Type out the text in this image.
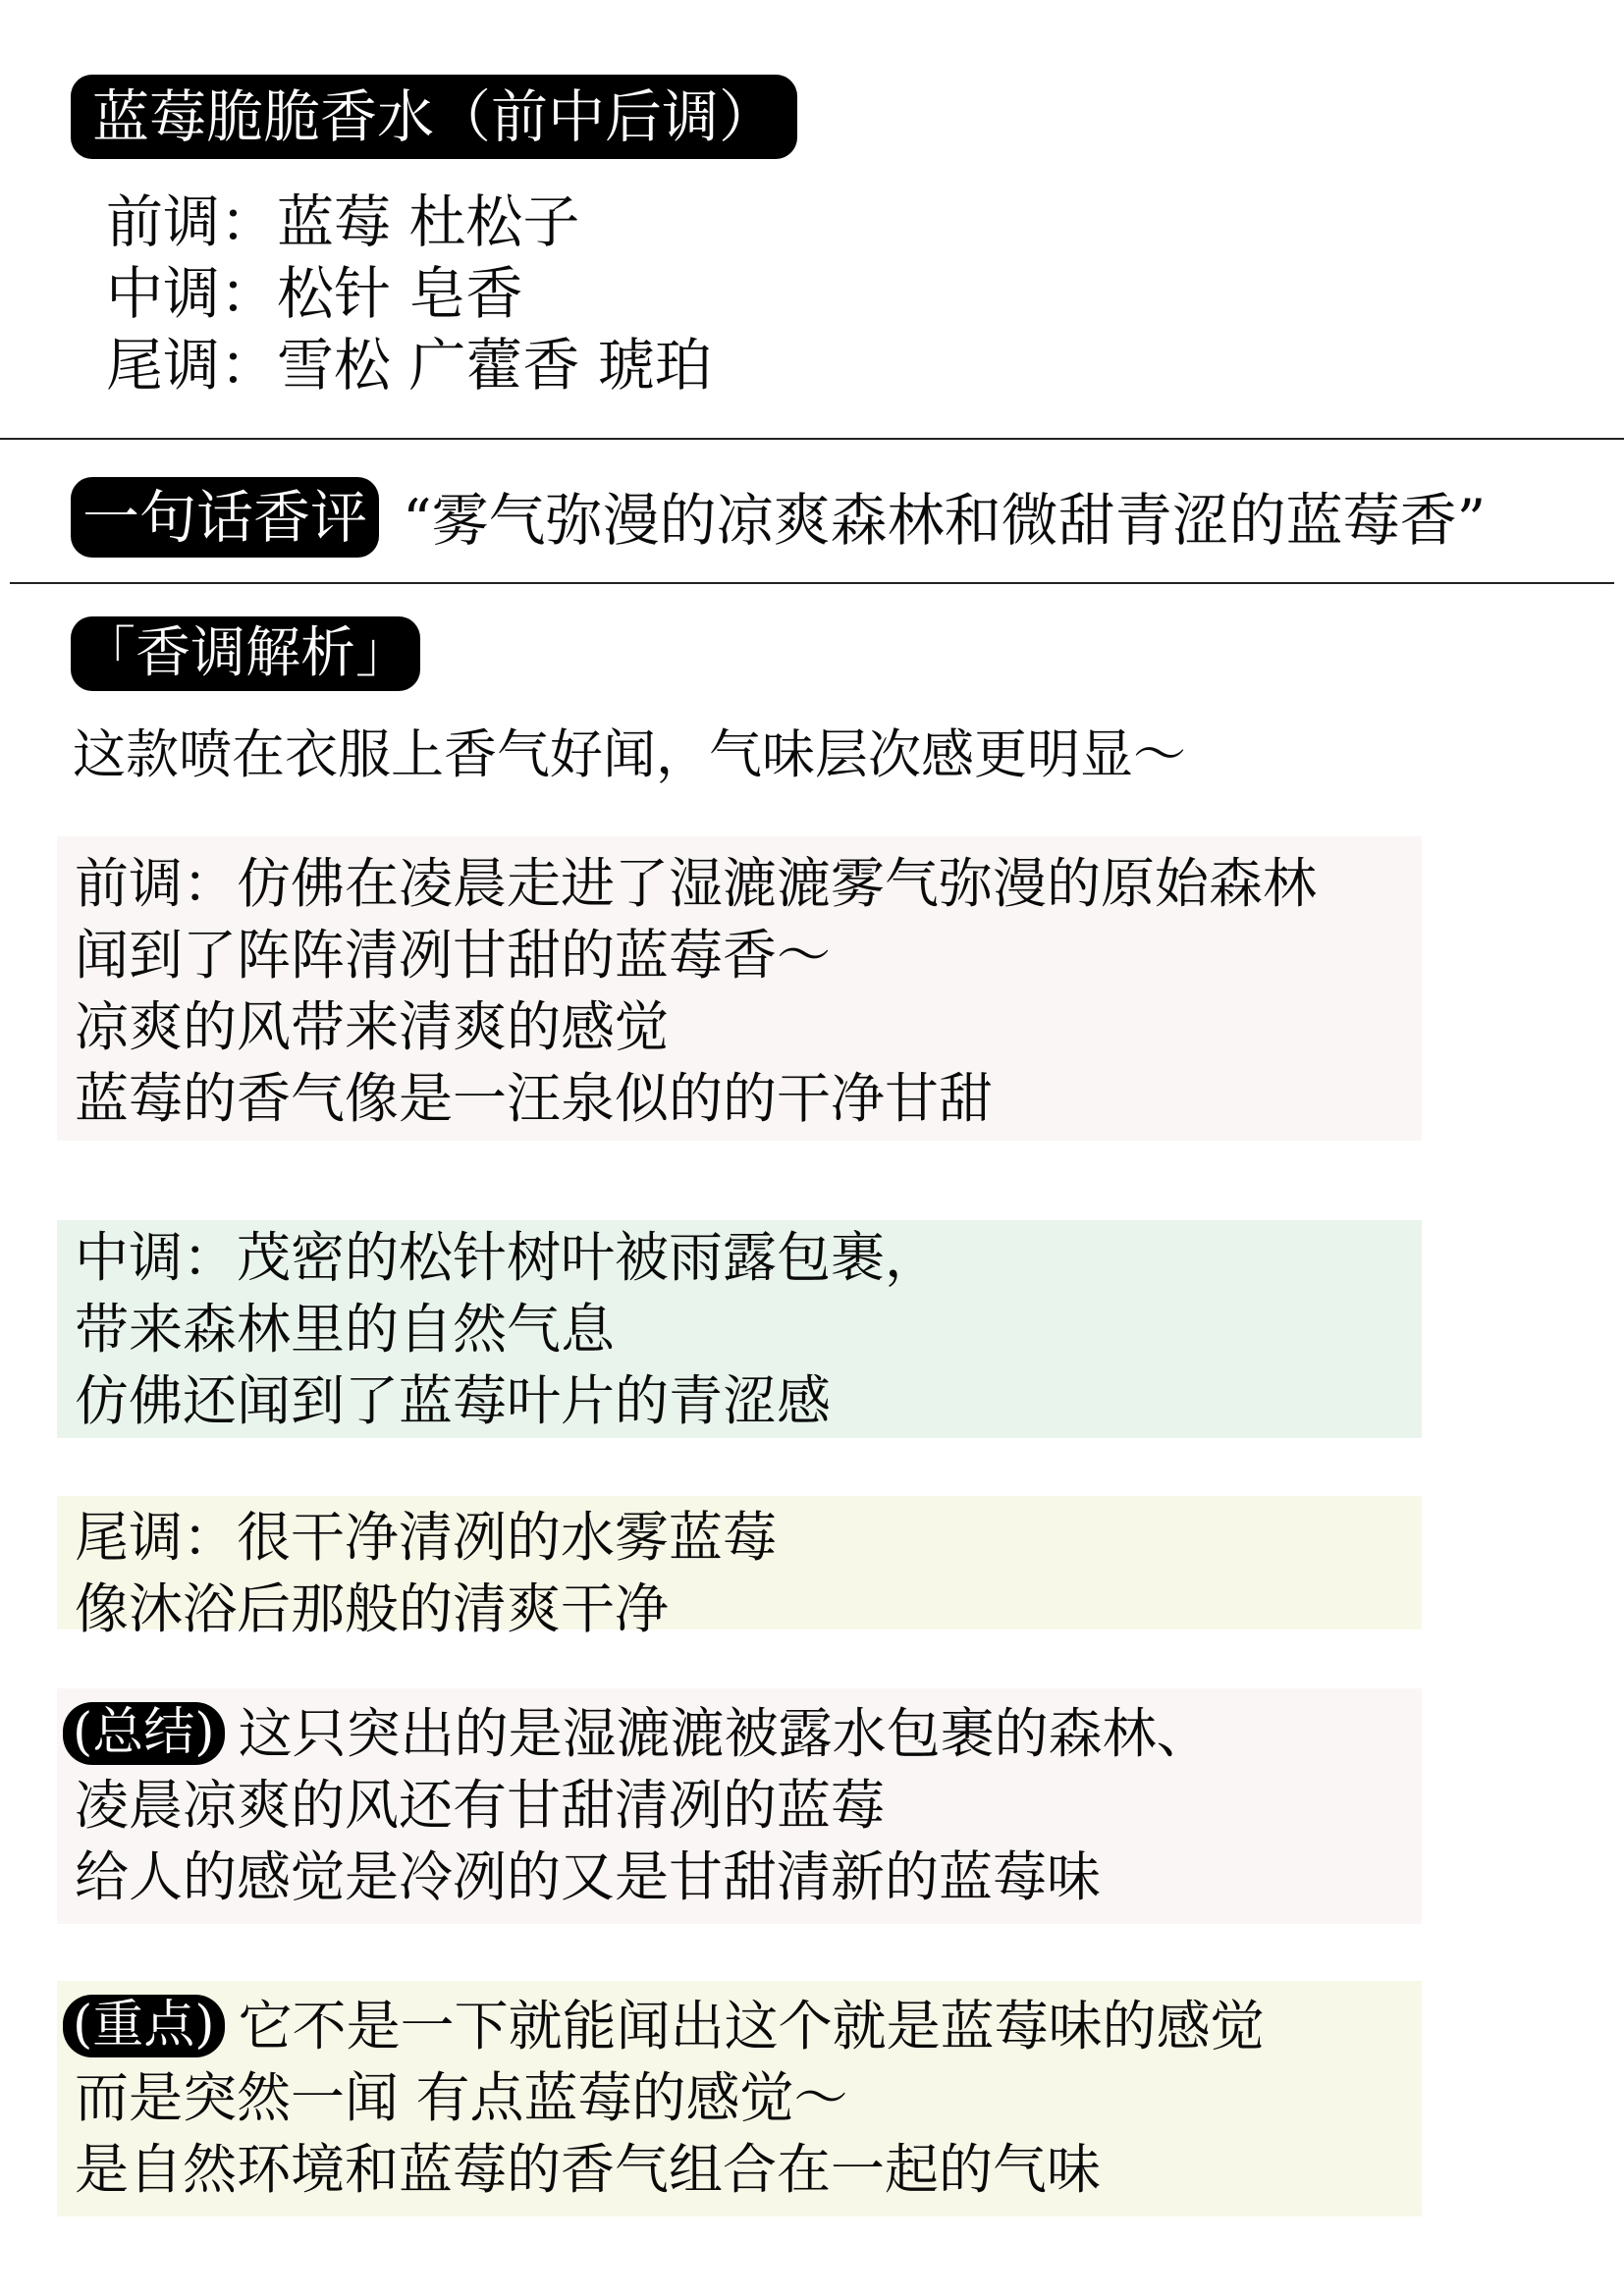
蓝莓脆脆香水（前中后调）
前调：蓝莓 杜松子
中调：松针 皂香
尾调：雪松 广藿香 琥珀
一句话香评 “雾气弥漫的凉爽森林和微甜青涩的蓝莓香”
「香调解析」
这款喷在衣服上香气好闻，气味层次感更明显～
前调：仿佛在凌晨走进了湿漉漉雾气弥漫的原始森林
闻到了阵阵清冽甘甜的蓝莓香～
凉爽的风带来清爽的感觉
蓝莓的香气像是一汪泉似的的干净甘甜
中调：茂密的松针树叶被雨露包裹，
带来森林里的自然气息
仿佛还闻到了蓝莓叶片的青涩感
尾调：很干净清冽的水雾蓝莓
像沐浴后那般的清爽干净
(总结) 这只突出的是湿漉漉被露水包裹的森林、
凌晨凉爽的风还有甘甜清冽的蓝莓
给人的感觉是冷冽的又是甘甜清新的蓝莓味
(重点) 它不是一下就能闻出这个就是蓝莓味的感觉
而是突然一闻 有点蓝莓的感觉～
是自然环境和蓝莓的香气组合在一起的气味
